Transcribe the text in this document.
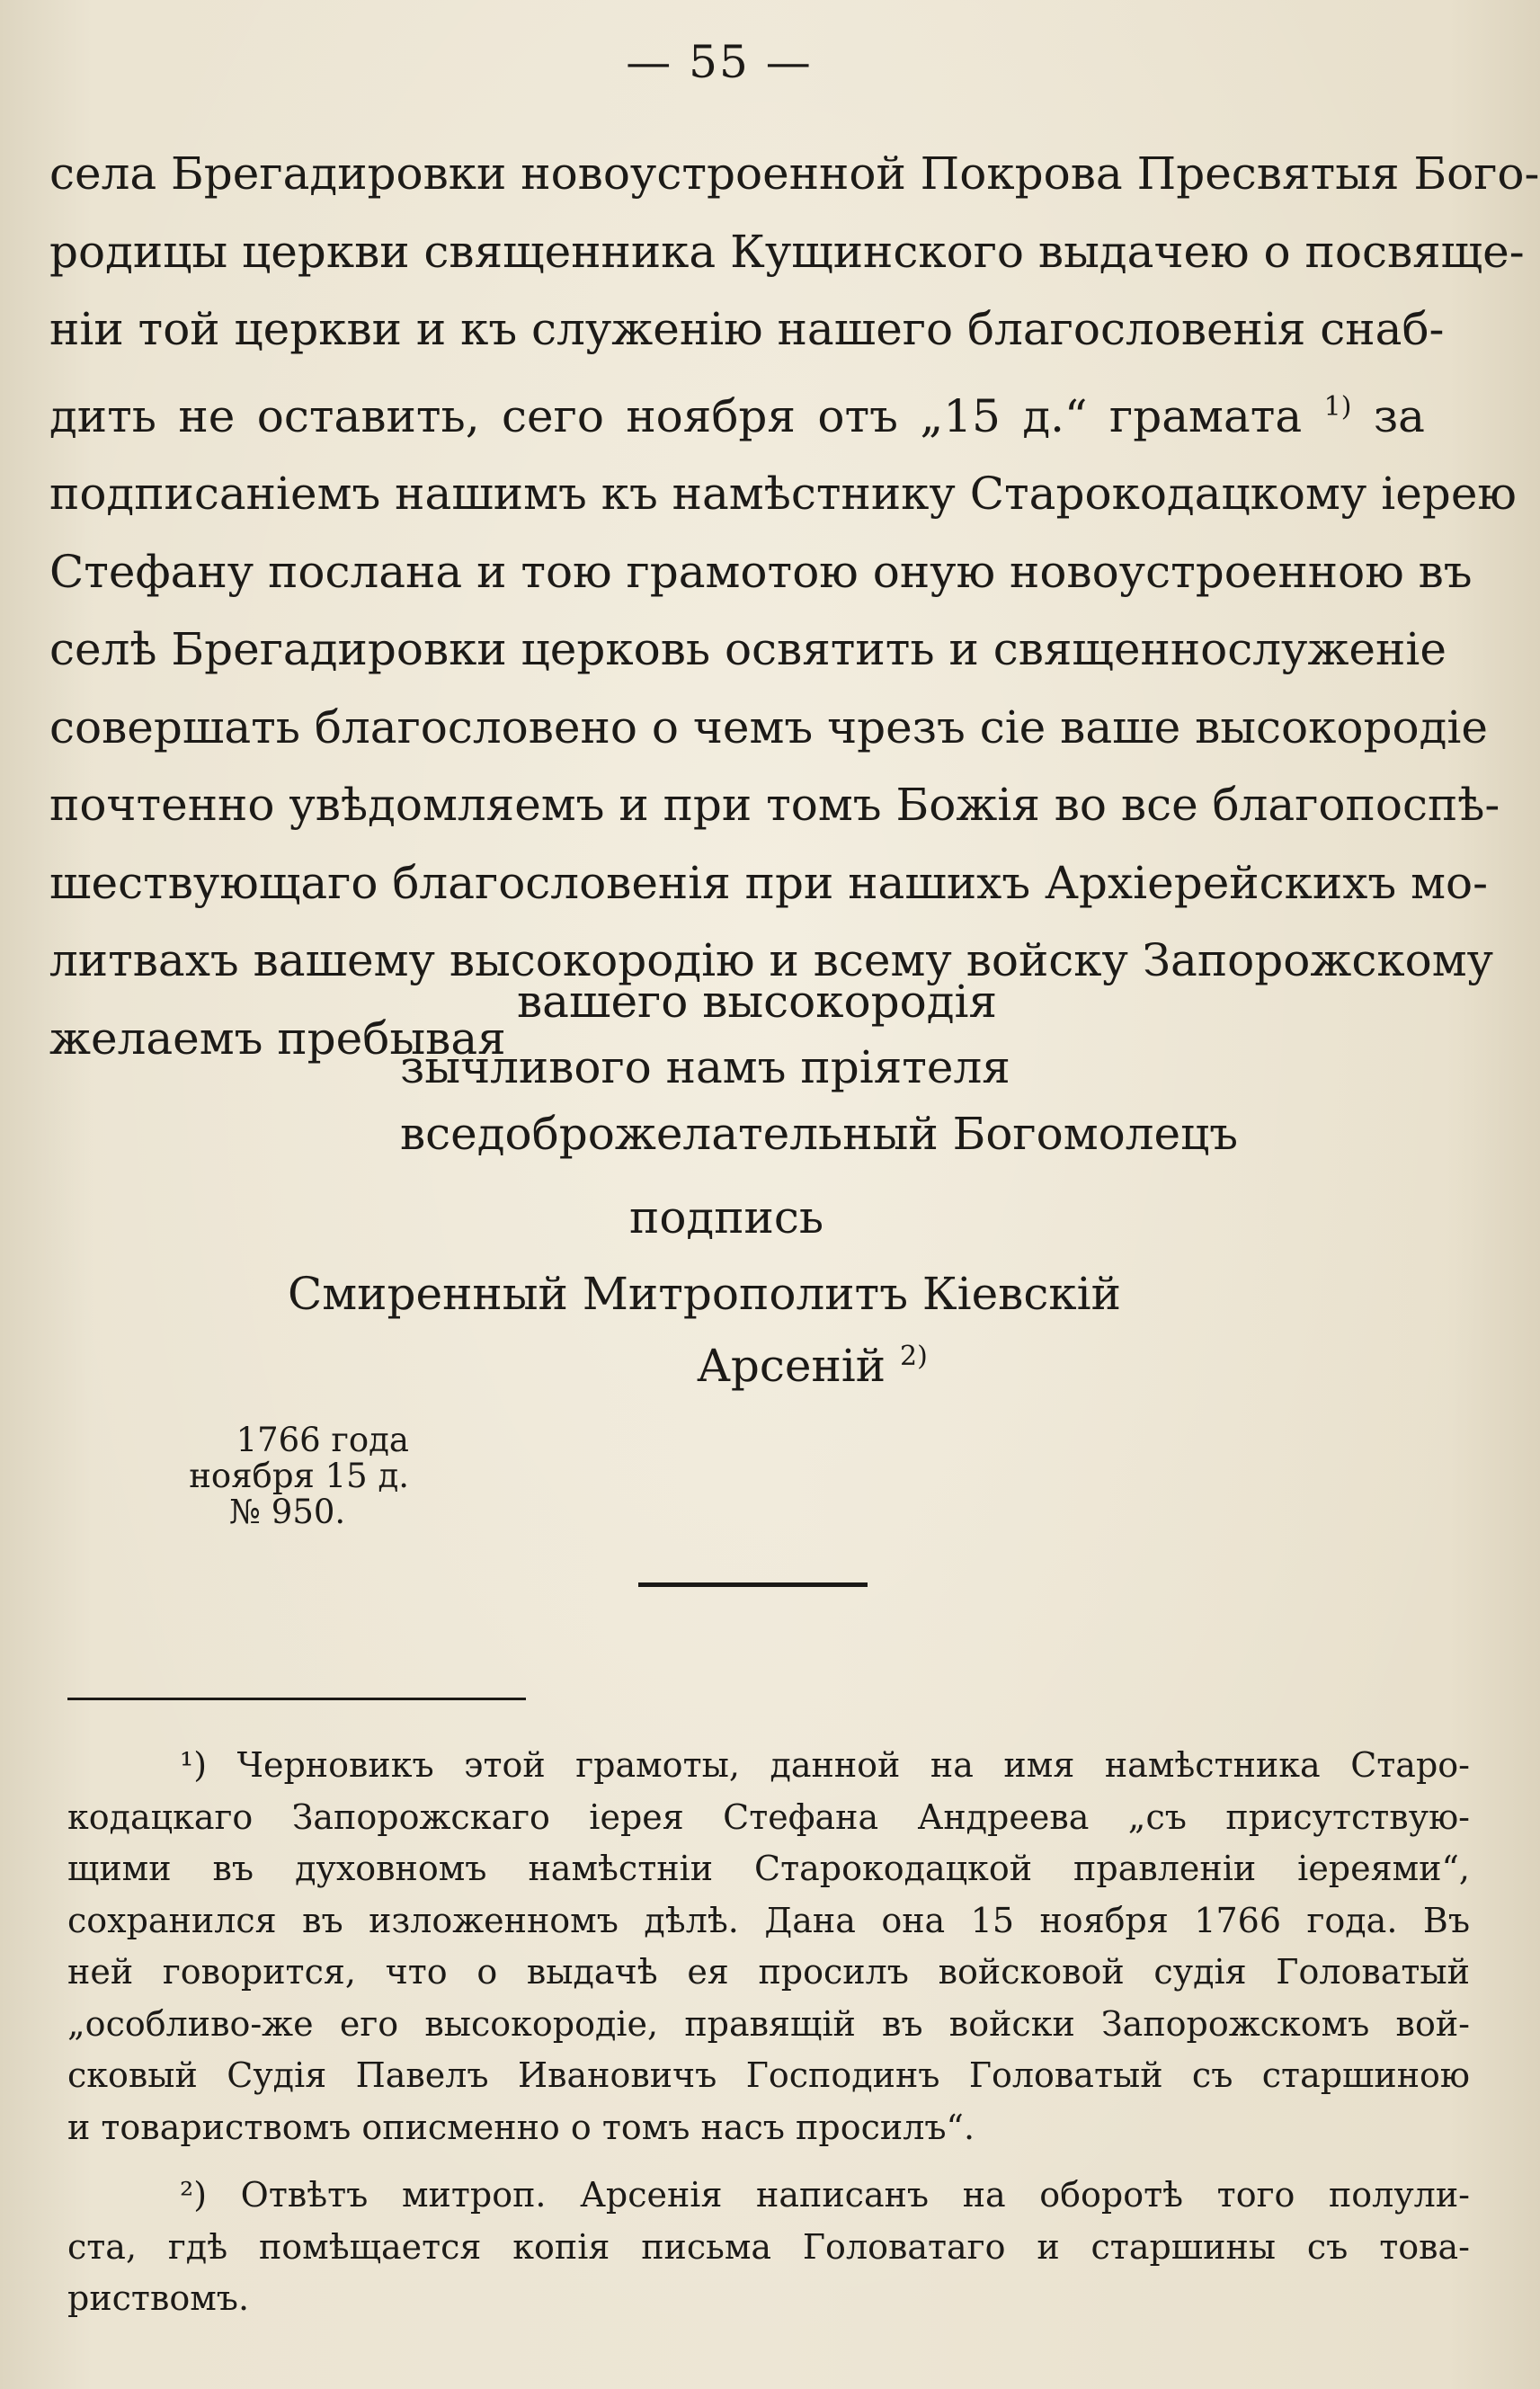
— 55 —
села Брегадировки новоустроенной Покрова Пресвятыя Бого-
родицы церкви священника Кущинского выдачею о посвяще-
нiи той церкви и къ служенiю нашего благословенiя снаб-
дить не оставить, сего ноября отъ „15 д.“ грамата $^{1)}$ за
подписанiемъ нашимъ къ намѣстнику Старокодацкому iерею
Стефану послана и тою грамотою оную новоустроенною въ
селѣ Брегадировки церковь освятить и священнослуженiе
совершать благословено о чемъ чрезъ сiе ваше высокородiе
почтенно увѣдомляемъ и при томъ Божiя во все благопоспѣ-
шествующаго благословенiя при нашихъ Архiерейскихъ мо-
литвахъ вашему высокородiю и всему войску Запорожскому
желаемъ пребывая
вашего высокородiя
зычливого намъ прiятеля
вседоброжелательный Богомолецъ
подпись
Смиренный Митрополитъ Кiевскiй
Арсенiй $^{2)}$
1766 года
ноября 15 д.
№ 950.
¹) Черновикъ этой грамоты, данной на имя намѣстника Старо-
кодацкаго Запорожскаго iерея Стефана Андреева „съ присутствую-
щими въ духовномъ намѣстнiи Старокодацкой правленiи iереями“,
сохранился въ изложенномъ дѣлѣ. Дана она 15 ноября 1766 года. Въ
ней говорится, что о выдачѣ ея просилъ войсковой судiя Головатый
„особливо-же его высокородiе, правящiй въ войски Запорожскомъ вой-
сковый Судiя Павелъ Ивановичъ Господинъ Головатый съ старшиною
и товариствомъ описменно о томъ насъ просилъ“.
²) Отвѣтъ митроп. Арсенiя написанъ на оборотѣ того полули-
ста, гдѣ помѣщается копiя письма Головатаго и старшины съ това-
риствомъ.
